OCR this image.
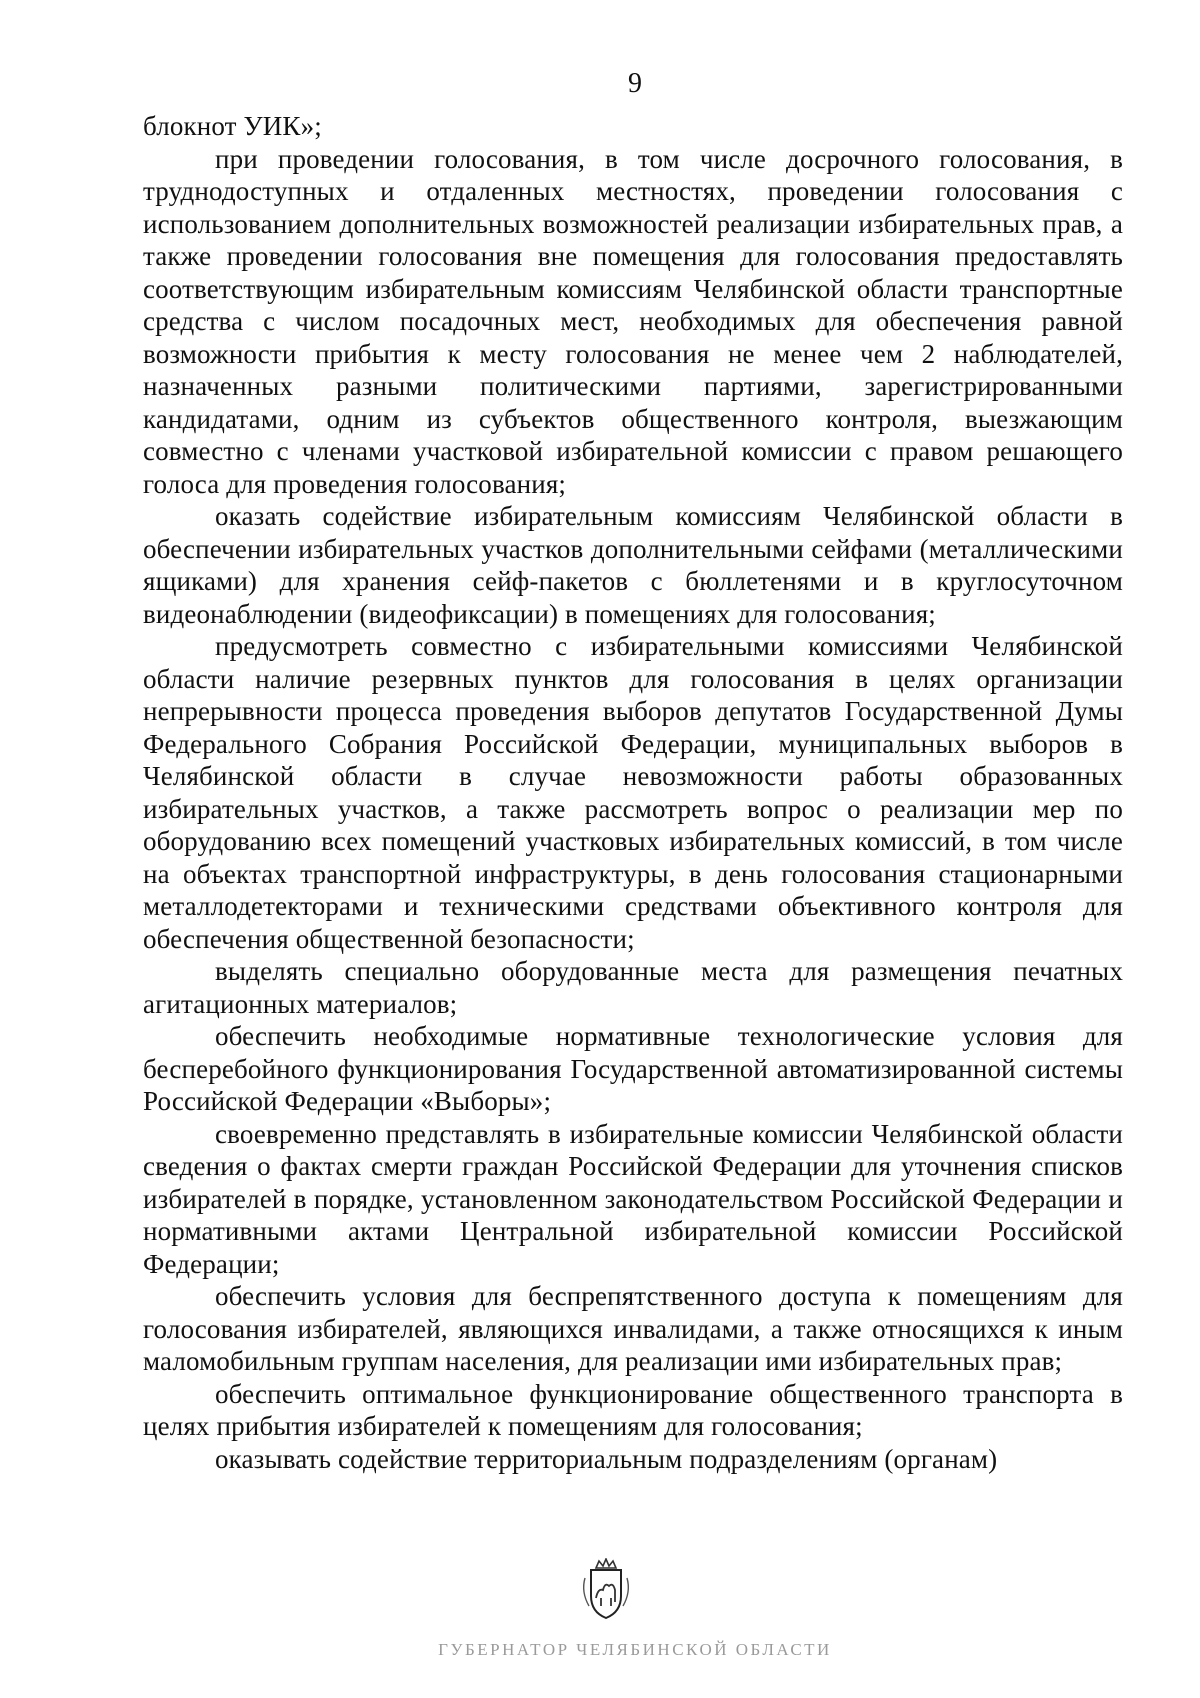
9

блокнот УИК»;

при проведении голосования, в том числе досрочного голосования, в труднодоступных и отдаленных местностях, проведении голосования с использованием дополнительных возможностей реализации избирательных прав, а также проведении голосования вне помещения для голосования предоставлять соответствующим избирательным комиссиям Челябинской области транспортные средства с числом посадочных мест, необходимых для обеспечения равной возможности прибытия к месту голосования не менее чем 2 наблюдателей, назначенных разными политическими партиями, зарегистрированными кандидатами, одним из субъектов общественного контроля, выезжающим совместно с членами участковой избирательной комиссии с правом решающего голоса для проведения голосования;

оказать содействие избирательным комиссиям Челябинской области в обеспечении избирательных участков дополнительными сейфами (металлическими ящиками) для хранения сейф-пакетов с бюллетенями и в круглосуточном видеонаблюдении (видеофиксации) в помещениях для голосования;

предусмотреть совместно с избирательными комиссиями Челябинской области наличие резервных пунктов для голосования в целях организации непрерывности процесса проведения выборов депутатов Государственной Думы Федерального Собрания Российской Федерации, муниципальных выборов в Челябинской области в случае невозможности работы образованных избирательных участков, а также рассмотреть вопрос о реализации мер по оборудованию всех помещений участковых избирательных комиссий, в том числе на объектах транспортной инфраструктуры, в день голосования стационарными металлодетекторами и техническими средствами объективного контроля для обеспечения общественной безопасности;

выделять специально оборудованные места для размещения печатных агитационных материалов;

обеспечить необходимые нормативные технологические условия для бесперебойного функционирования Государственной автоматизированной системы Российской Федерации «Выборы»;

своевременно представлять в избирательные комиссии Челябинской области сведения о фактах смерти граждан Российской Федерации для уточнения списков избирателей в порядке, установленном законодательством Российской Федерации и нормативными актами Центральной избирательной комиссии Российской Федерации;

обеспечить условия для беспрепятственного доступа к помещениям для голосования избирателей, являющихся инвалидами, а также относящихся к иным маломобильным группам населения, для реализации ими избирательных прав;

обеспечить оптимальное функционирование общественного транспорта в целях прибытия избирателей к помещениям для голосования;

оказывать содействие территориальным подразделениям (органам)

ГУБЕРНАТОР ЧЕЛЯБИНСКОЙ ОБЛАСТИ
